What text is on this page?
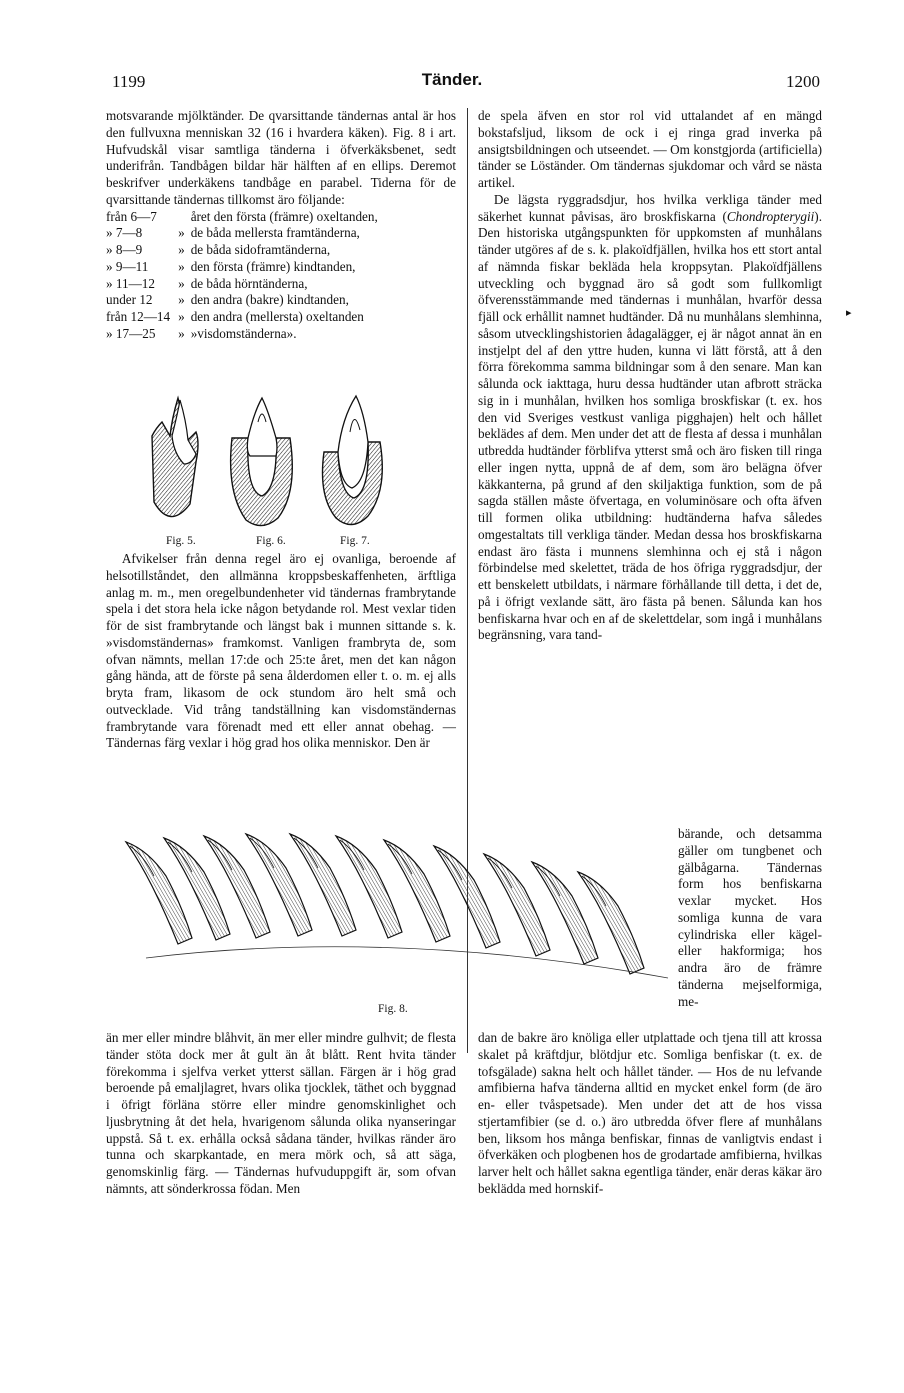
1199	Tänder.	1200

motsvarande mjölktänder. De qvarsittande tändernas antal är hos den fullvuxna menniskan 32 (16 i hvardera käken). Fig. 8 i art. Hufvudskål visar samtliga tänderna i öfverkäksbenet, sedt underifrån. Tandbågen bildar här hälften af en ellips. Deremot beskrifver underkäkens tandbåge en parabel. Tiderna för de qvarsittande tändernas tillkomst äro följande:

från 6—7		året den första (främre) oxeltanden,
» 7—8	»	de båda mellersta framtänderna,
» 8—9	»	de båda sidoframtänderna,
» 9—11	»	den första (främre) kindtanden,
» 11—12	»	de båda hörntänderna,
under 12	»	den andra (bakre) kindtanden,
från 12—14	»	den andra (mellersta) oxeltanden
» 17—25	»	»visdomständerna».
Fig. 5.	Fig. 6.	Fig. 7.

Afvikelser från denna regel äro ej ovanliga, beroende af helsotillståndet, den allmänna kroppsbeskaffenheten, ärftliga anlag m. m., men oregelbundenheter vid tändernas frambrytande spela i det stora hela icke någon betydande rol. Mest vexlar tiden för de sist frambrytande och längst bak i munnen sittande s. k. »visdomständernas» framkomst. Vanligen frambryta de, som ofvan nämnts, mellan 17:de och 25:te året, men det kan någon gång hända, att de förste på sena ålderdomen eller t. o. m. ej alls bryta fram, likasom de ock stundom äro helt små och outvecklade. Vid trång tandställning kan visdomständernas frambrytande vara förenadt med ett eller annat obehag. — Tändernas färg vexlar i hög grad hos olika menniskor. Den är

de spela äfven en stor rol vid uttalandet af en mängd bokstafsljud, liksom de ock i ej ringa grad inverka på ansigtsbildningen och utseendet. — Om konstgjorda (artificiella) tänder se Löständer. Om tändernas sjukdomar och vård se nästa artikel.

De lägsta ryggradsdjur, hos hvilka verkliga tänder med säkerhet kunnat påvisas, äro broskfiskarna (Chondropterygii). Den historiska utgångspunkten för uppkomsten af munhålans tänder utgöres af de s. k. plakoïdfjällen, hvilka hos ett stort antal af nämnda fiskar bekläda hela kroppsytan. Plakoïdfjällens utveckling och byggnad äro så godt som fullkomligt öfverensstämmande med tändernas i munhålan, hvarför dessa fjäll ock erhållit namnet hudtänder. Då nu munhålans slemhinna, såsom utvecklingshistorien ådagalägger, ej är något annat än en instjelpt del af den yttre huden, kunna vi lätt förstå, att å den förra förekomma samma bildningar som å den senare. Man kan sålunda ock iakttaga, huru dessa hudtänder utan afbrott sträcka sig in i munhålan, hvilken hos somliga broskfiskar (t. ex. hos den vid Sveriges vestkust vanliga pigghajen) helt och hållet beklädes af dem. Men under det att de flesta af dessa i munhålan utbredda hudtänder förblifva ytterst små och äro fisken till ringa eller ingen nytta, uppnå de af dem, som äro belägna öfver käkkanterna, på grund af den skiljaktiga funktion, som de på sagda ställen måste öfvertaga, en voluminösare och ofta äfven till formen olika utbildning: hudtänderna hafva således omgestaltats till verkliga tänder. Medan dessa hos broskfiskarna endast äro fästa i munnens slemhinna och ej stå i någon förbindelse med skelettet, träda de hos öfriga ryggradsdjur, der ett benskelett utbildats, i närmare förhållande till detta, i det de, på i öfrigt vexlande sätt, äro fästa på benen. Sålunda kan hos benfiskarna hvar och en af de skelettdelar, som ingå i munhålans begränsning, vara tand-

▸
Fig. 8.

bärande, och detsamma gäller om tungbenet och gälbågarna. Tändernas form hos benfiskarna vexlar mycket. Hos somliga kunna de vara cylindriska eller kägel- eller hakformiga; hos andra äro de främre tänderna mejselformiga, me-

än mer eller mindre blåhvit, än mer eller mindre gulhvit; de flesta tänder stöta dock mer åt gult än åt blått. Rent hvita tänder förekomma i sjelfva verket ytterst sällan. Färgen är i hög grad beroende på emaljlagret, hvars olika tjocklek, täthet och byggnad i öfrigt förläna större eller mindre genomskinlighet och ljusbrytning åt det hela, hvarigenom sålunda olika nyanseringar uppstå. Så t. ex. erhålla också sådana tänder, hvilkas ränder äro tunna och skarpkantade, en mera mörk och, så att säga, genomskinlig färg. — Tändernas hufvuduppgift är, som ofvan nämnts, att sönderkrossa födan. Men

dan de bakre äro knöliga eller utplattade och tjena till att krossa skalet på kräftdjur, blötdjur etc. Somliga benfiskar (t. ex. de tofsgälade) sakna helt och hållet tänder. — Hos de nu lefvande amfibierna hafva tänderna alltid en mycket enkel form (de äro en- eller tvåspetsade). Men under det att de hos vissa stjertamfibier (se d. o.) äro utbredda öfver flere af munhålans ben, liksom hos många benfiskar, finnas de vanligtvis endast i öfverkäken och plogbenen hos de grodartade amfibierna, hvilkas larver helt och hållet sakna egentliga tänder, enär deras käkar äro beklädda med hornskif-
